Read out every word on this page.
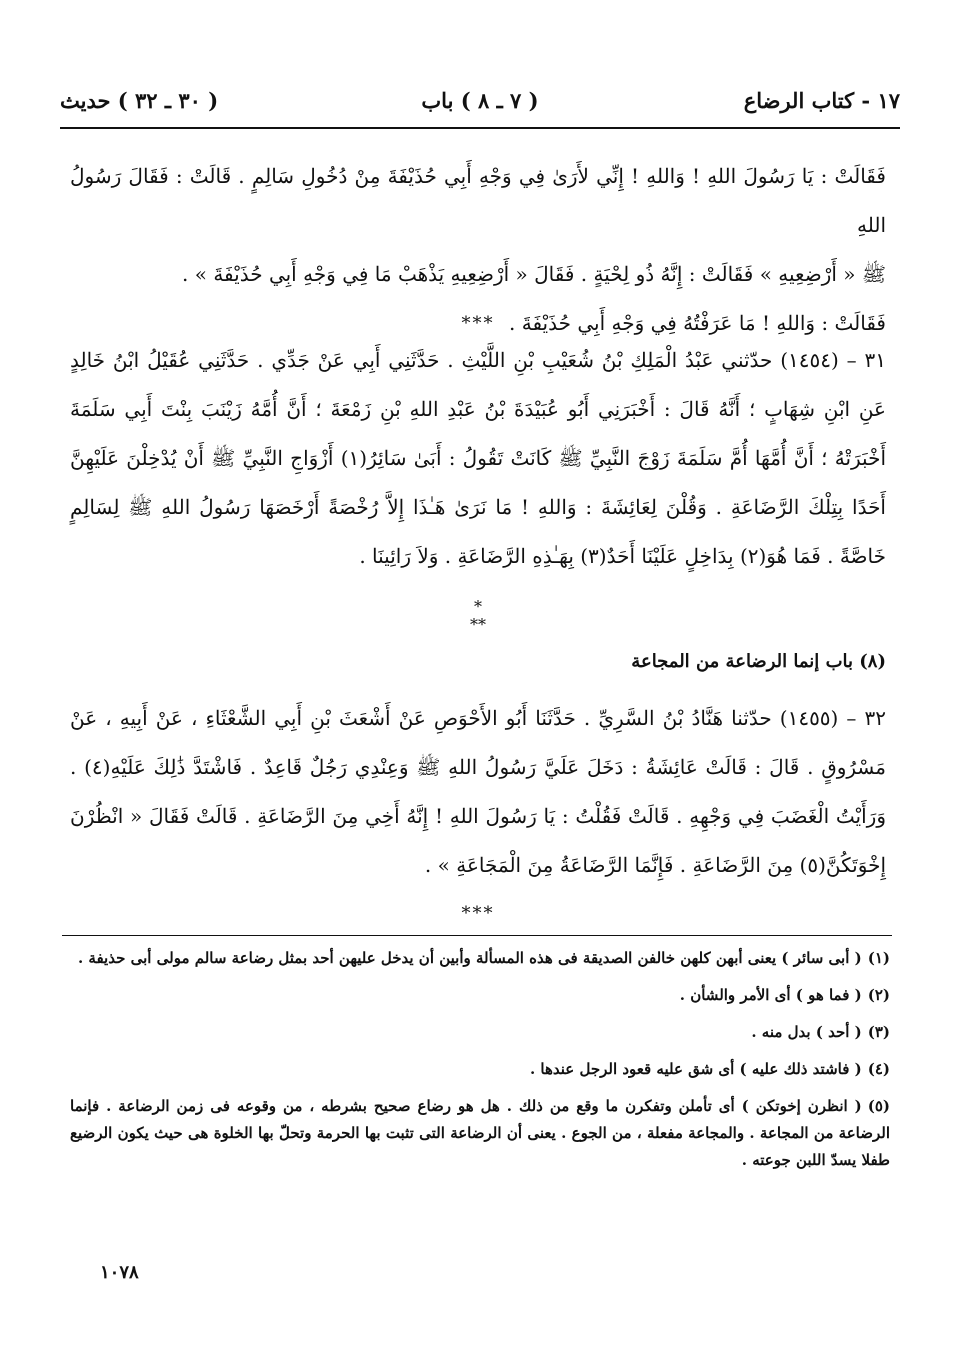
١٧ - كتاب الرضاع
( ٧ ـ ٨ ) باب
( ٣٠ ـ ٣٢ ) حديث

فَقَالَتْ : يَا رَسُولَ اللهِ ! وَاللهِ ! إِنِّي لأَرَىٰ فِي وَجْهِ أَبِي حُذَيْفَةَ مِنْ دُخُولِ سَالِمٍ . قَالَتْ : فَقَالَ رَسُولُ اللهِ

ﷺ « أَرْضِعِيهِ » فَقَالَتْ : إِنَّهُ ذُو لِحْيَةٍ . فَقَالَ « أَرْضِعِيهِ يَذْهَبْ مَا فِي وَجْهِ أَبِي حُذَيْفَةَ » .

فَقَالَتْ : وَاللهِ ! مَا عَرَفْتُهُ فِي وَجْهِ أَبِي حُذَيْفَةَ .

***

٣١ – (١٤٥٤) حدّثني عَبْدُ الْمَلِكِ بْنُ شُعَيْبِ بْنِ اللَّيْثِ . حَدَّثَنِي أَبِي عَنْ جَدِّي . حَدَّثَنِي عُقَيْلُ ابْنُ خَالِدٍ عَنِ ابْنِ شِهَابٍ ؛ أَنَّهُ قَالَ : أَخْبَرَنِي أَبُو عُبَيْدَةَ بْنُ عَبْدِ اللهِ بْنِ زَمْعَةَ ؛ أَنَّ أُمَّهُ زَيْنَبَ بِنْتَ أَبِي سَلَمَةَ أَخْبَرَتْهُ ؛ أَنَّ أُمَّهَا أُمَّ سَلَمَةَ زَوْجَ النَّبِيِّ ﷺ كَانَتْ تَقُولُ : أَبَىٰ سَائِرُ(١) أَزْوَاجِ النَّبِيِّ ﷺ أَنْ يُدْخِلْنَ عَلَيْهِنَّ أَحَدًا بِتِلْكَ الرَّضَاعَةِ . وَقُلْنَ لِعَائِشَةَ : وَاللهِ ! مَا نَرَىٰ هَـٰذَا إِلاَّ رُخْصَةً أَرْخَصَهَا رَسُولُ اللهِ ﷺ لِسَالِمٍ خَاصَّةً . فَمَا هُوَ(٢) بِدَاخِلٍ عَلَيْنَا أَحَدٌ(٣) بِهَـٰذِهِ الرَّضَاعَةِ . وَلاَ رَائِينَا .

*
**

(٨) باب إنما الرضاعة من المجاعة

٣٢ – (١٤٥٥) حدّثنا هَنَّادُ بْنُ السَّرِيِّ . حَدَّثَنَا أَبُو الأَحْوَصِ عَنْ أَشْعَثَ بْنِ أَبِي الشَّعْثَاءِ ، عَنْ أَبِيهِ ، عَنْ مَسْرُوقٍ . قَالَ : قَالَتْ عَائِشَةُ : دَخَلَ عَلَيَّ رَسُولُ اللهِ ﷺ وَعِنْدِي رَجُلٌ قَاعِدٌ . فَاشْتَدَّ ذَٰلِكَ عَلَيْهِ(٤) . وَرَأَيْتُ الْغَضَبَ فِي وَجْهِهِ . قَالَتْ فَقُلْتُ : يَا رَسُولَ اللهِ ! إِنَّهُ أَخِي مِنَ الرَّضَاعَةِ . قَالَتْ فَقَالَ « انْظُرْنَ إِخْوَتَكُنَّ(٥) مِنَ الرَّضَاعَةِ . فَإِنَّمَا الرَّضَاعَةُ مِنَ الْمَجَاعَةِ » .

***

(١)( أبى سائر ) يعنى أبهن كلهن خالفن الصديقة فى هذه المسألة وأبين أن يدخل عليهن أحد بمثل رضاعة سالم مولى أبى حذيفة .

(٢)( فما هو ) أى الأمر والشأن .

(٣)( أحد ) بدل منه .

(٤)( فاشتد ذلك عليه ) أى شق عليه قعود الرجل عندها .

(٥)( انظرن إخوتكن ) أى تأملن وتفكرن ما وقع من ذلك . هل هو رضاع صحيح بشرطه ، من وقوعه فى زمن الرضاعة . فإنما الرضاعة من المجاعة . والمجاعة مفعلة ، من الجوع . يعنى أن الرضاعة التى تثبت بها الحرمة وتحلّ بها الخلوة هى حيث يكون الرضيع طفلا يسدّ اللبن جوعته .

١٠٧٨
